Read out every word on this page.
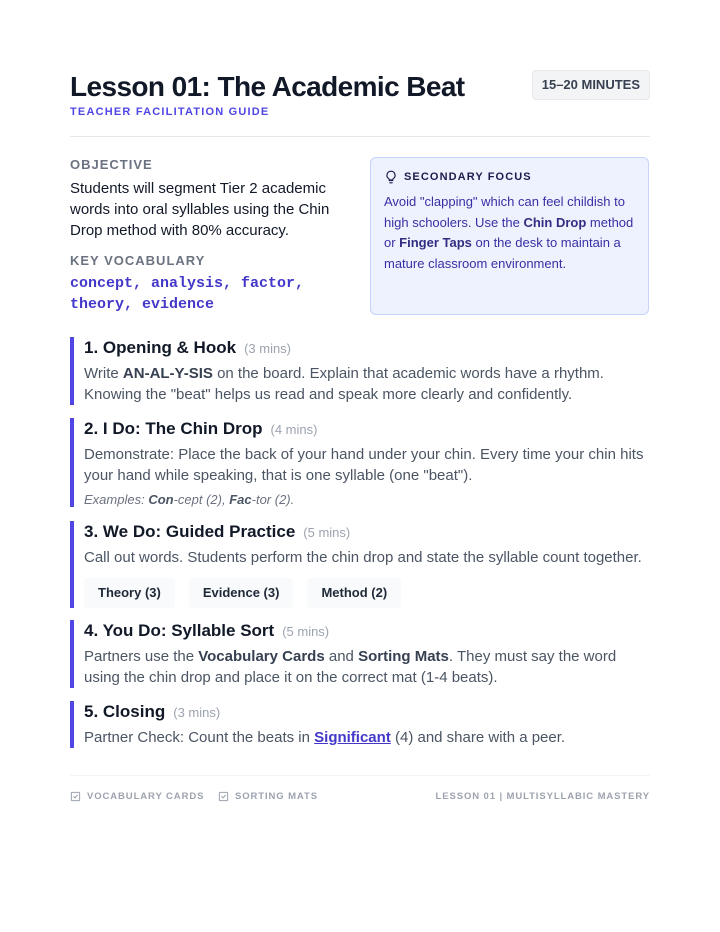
Lesson 01: The Academic Beat
TEACHER FACILITATION GUIDE
15–20 MINUTES
OBJECTIVE
Students will segment Tier 2 academic words into oral syllables using the Chin Drop method with 80% accuracy.
KEY VOCABULARY
concept, analysis, factor,
theory, evidence
SECONDARY FOCUS
Avoid "clapping" which can feel childish to high schoolers. Use the Chin Drop method or Finger Taps on the desk to maintain a mature classroom environment.
1. Opening & Hook (3 mins)
Write AN-AL-Y-SIS on the board. Explain that academic words have a rhythm. Knowing the "beat" helps us read and speak more clearly and confidently.
2. I Do: The Chin Drop (4 mins)
Demonstrate: Place the back of your hand under your chin. Every time your chin hits your hand while speaking, that is one syllable (one "beat").
Examples: Con-cept (2), Fac-tor (2).
3. We Do: Guided Practice (5 mins)
Call out words. Students perform the chin drop and state the syllable count together.
Theory (3)	Evidence (3)	Method (2)
4. You Do: Syllable Sort (5 mins)
Partners use the Vocabulary Cards and Sorting Mats. They must say the word using the chin drop and place it on the correct mat (1-4 beats).
5. Closing (3 mins)
Partner Check: Count the beats in Significant (4) and share with a peer.
VOCABULARY CARDS	SORTING MATS	LESSON 01 | MULTISYLLABIC MASTERY
